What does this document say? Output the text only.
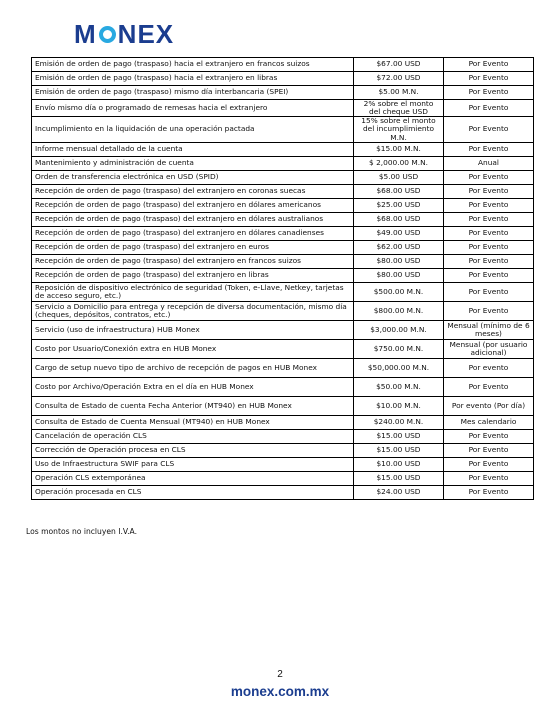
M NEX
Emisión de orden de pago (traspaso) hacia el extranjero en francos suizos	$67.00 USD	Por Evento
Emisión de orden de pago (traspaso) hacia el extranjero en libras	$72.00 USD	Por Evento
Emisión de orden de pago (traspaso) mismo día interbancaria (SPEI)	$5.00 M.N.	Por Evento
Envío mismo día o programado de remesas hacia el extranjero	2% sobre el monto del cheque USD	Por Evento
Incumplimiento en la liquidación de una operación pactada	15% sobre el monto del incumplimiento M.N.	Por Evento
Informe mensual detallado de la cuenta	$15.00 M.N.	Por Evento
Mantenimiento y administración de cuenta	$ 2,000.00 M.N.	Anual
Orden de transferencia electrónica en USD (SPID)	$5.00 USD	Por Evento
Recepción de orden de pago (traspaso) del extranjero en coronas suecas	$68.00 USD	Por Evento
Recepción de orden de pago (traspaso) del extranjero en dólares americanos	$25.00 USD	Por Evento
Recepción de orden de pago (traspaso) del extranjero en dólares australianos	$68.00 USD	Por Evento
Recepción de orden de pago (traspaso) del extranjero en dólares canadienses	$49.00 USD	Por Evento
Recepción de orden de pago (traspaso) del extranjero en euros	$62.00 USD	Por Evento
Recepción de orden de pago (traspaso) del extranjero en francos suizos	$80.00 USD	Por Evento
Recepción de orden de pago (traspaso) del extranjero en libras	$80.00 USD	Por Evento
Reposición de dispositivo electrónico de seguridad (Token, e-Llave, Netkey, tarjetas de acceso seguro, etc.)	$500.00 M.N.	Por Evento
Servicio a Domicilio para entrega y recepción de diversa documentación, mismo día (cheques, depósitos, contratos, etc.)	$800.00 M.N.	Por Evento
Servicio (uso de infraestructura) HUB Monex	$3,000.00 M.N.	Mensual (mínimo de 6 meses)
Costo por Usuario/Conexión extra en HUB Monex	$750.00 M.N.	Mensual (por usuario adicional)
Cargo de setup nuevo tipo de archivo de recepción de pagos en HUB Monex	$50,000.00 M.N.	Por evento
Costo por Archivo/Operación Extra en el día en HUB Monex	$50.00 M.N.	Por Evento
Consulta de Estado de cuenta Fecha Anterior (MT940) en HUB Monex	$10.00 M.N.	Por evento (Por día)
Consulta de Estado de Cuenta Mensual (MT940) en HUB Monex	$240.00 M.N.	Mes calendario
Cancelación de operación CLS	$15.00 USD	Por Evento
Corrección de Operación procesa en CLS	$15.00 USD	Por Evento
Uso de Infraestructura SWIF para CLS	$10.00 USD	Por Evento
Operación CLS extemporánea	$15.00 USD	Por Evento
Operación procesada en CLS	$24.00 USD	Por Evento
Los montos no incluyen I.V.A.
2
monex.com.mx
